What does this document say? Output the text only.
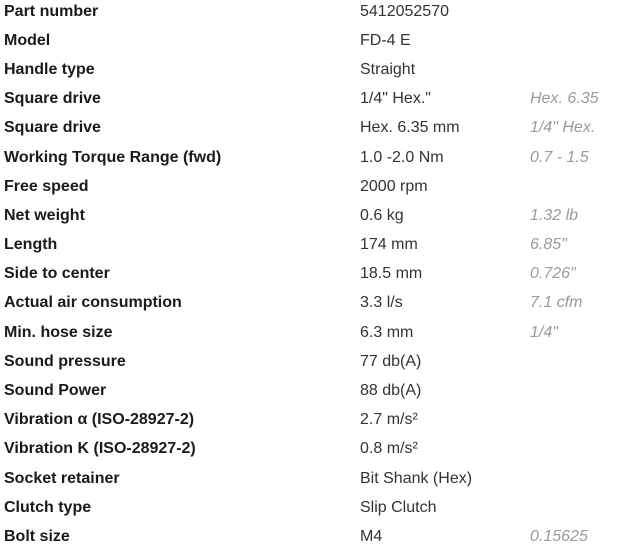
Part number	5412052570	
Model	FD-4 E	
Handle type	Straight	
Square drive	1/4" Hex."	Hex. 6.35
Square drive	Hex. 6.35 mm	1/4" Hex.
Working Torque Range (fwd)	1.0 -2.0 Nm	0.7 - 1.5
Free speed	2000 rpm	
Net weight	0.6 kg	1.32 lb
Length	174 mm	6.85"
Side to center	18.5 mm	0.726"
Actual air consumption	3.3 l/s	7.1 cfm
Min. hose size	6.3 mm	1/4"
Sound pressure	77 db(A)	
Sound Power	88 db(A)	
Vibration α (ISO-28927-2)	2.7 m/s²	
Vibration K (ISO-28927-2)	0.8 m/s²	
Socket retainer	Bit Shank (Hex)	
Clutch type	Slip Clutch	
Bolt size	M4	0.15625
